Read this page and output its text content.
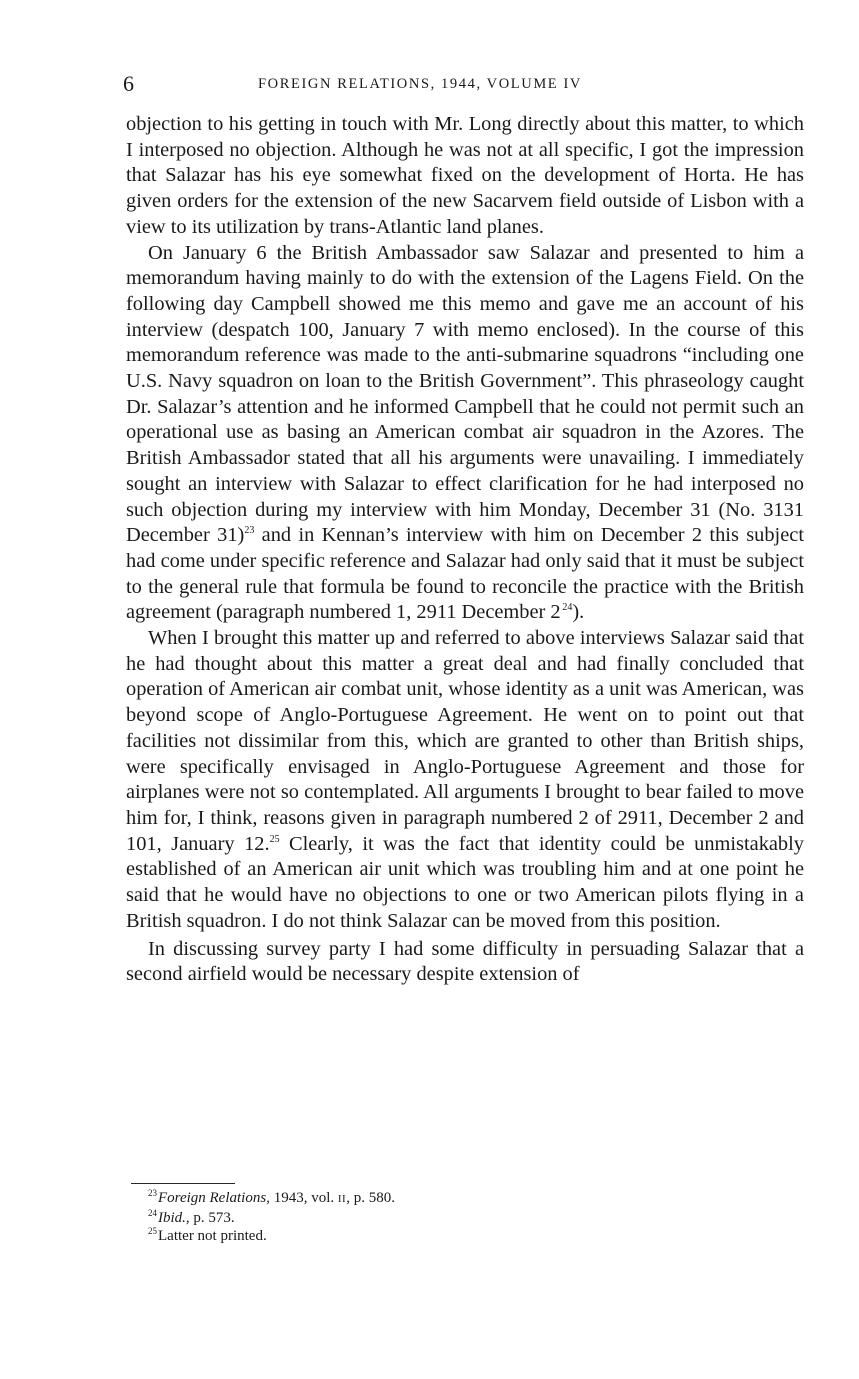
6	FOREIGN RELATIONS, 1944, VOLUME IV

objection to his getting in touch with Mr. Long directly about this matter, to which I interposed no objection. Although he was not at all specific, I got the impression that Salazar has his eye somewhat fixed on the development of Horta. He has given orders for the extension of the new Sacarvem field outside of Lisbon with a view to its utilization by trans-Atlantic land planes.

On January 6 the British Ambassador saw Salazar and presented to him a memorandum having mainly to do with the extension of the Lagens Field. On the following day Campbell showed me this memo and gave me an account of his interview (despatch 100, January 7 with memo enclosed). In the course of this memorandum reference was made to the anti-submarine squadrons “including one U.S. Navy squadron on loan to the British Government”. This phraseology caught Dr. Salazar’s attention and he informed Campbell that he could not permit such an operational use as basing an American combat air squadron in the Azores. The British Ambassador stated that all his arguments were unavailing. I immediately sought an interview with Salazar to effect clarification for he had interposed no such objection during my interview with him Monday, December 31 (No. 3131 December 31)$^{23}$ and in Kennan’s interview with him on December 2 this subject had come under specific reference and Salazar had only said that it must be subject to the general rule that formula be found to reconcile the practice with the British agreement (paragraph numbered 1, 2911 December 2  $^{24}$).

When I brought this matter up and referred to above interviews Salazar said that he had thought about this matter a great deal and had finally concluded that operation of American air combat unit, whose identity as a unit was American, was beyond scope of Anglo-Portuguese Agreement. He went on to point out that facilities not dissimilar from this, which are granted to other than British ships, were specifically envisaged in Anglo-Portuguese Agreement and those for airplanes were not so contemplated. All arguments I brought to bear failed to move him for, I think, reasons given in paragraph numbered 2 of 2911, December 2 and 101, January 12.25 Clearly, it was the fact that identity could be unmistakably established of an American air unit which was troubling him and at one point he said that he would have no objections to one or two American pilots flying in a British squadron. I do not think Salazar can be moved from this position.

In discussing survey party I had some difficulty in persuading Salazar that a second airfield would be necessary despite extension of

$^{23}$Foreign Relations, 1943, vol. II, p. 580.
$^{24}$Ibid., p. 573.
$^{25}$Latter not printed.
